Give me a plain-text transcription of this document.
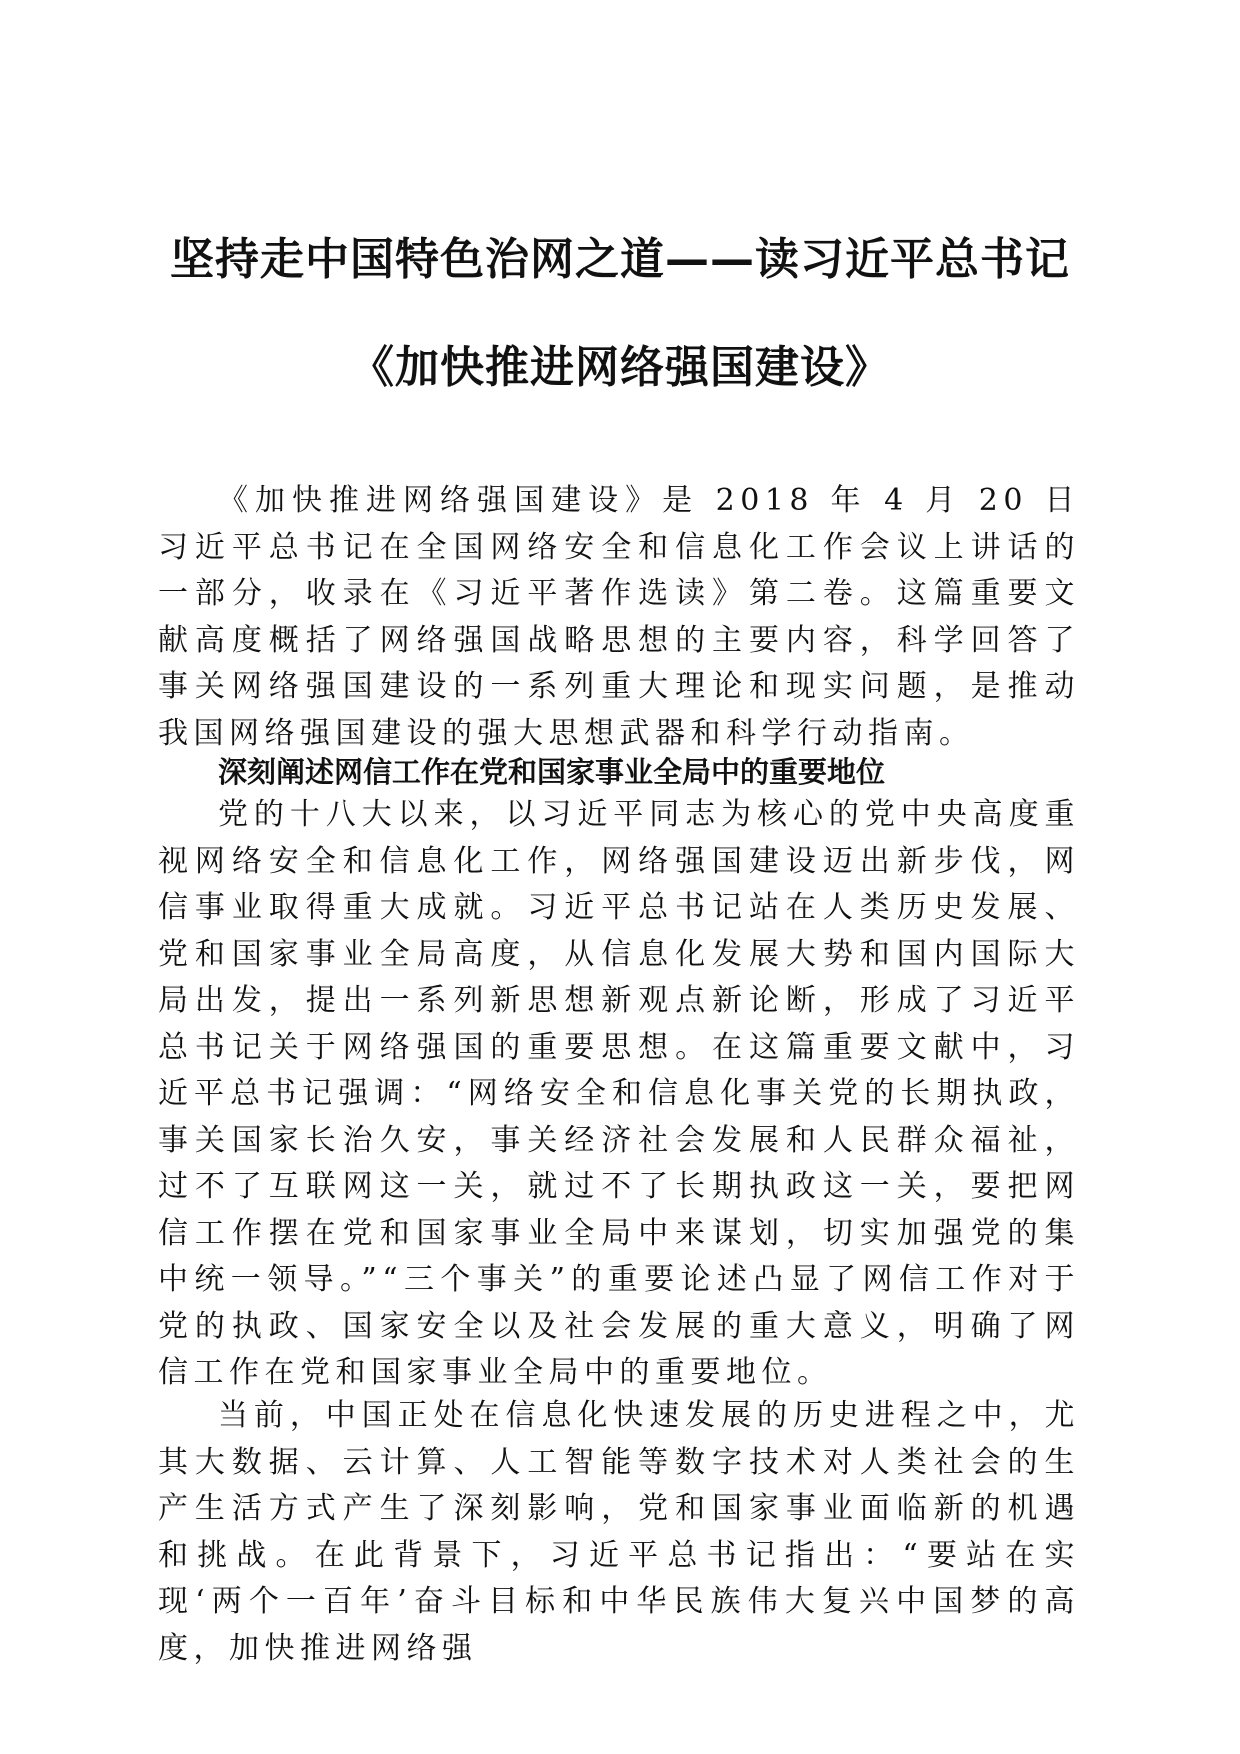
坚持走中国特色治网之道——读习近平总书记
《加快推进网络强国建设》

《加快推进网络强国建设》是 2018 年 4 月 20 日习近平总书记在全国网络安全和信息化工作会议上讲话的一部分，收录在《习近平著作选读》第二卷。这篇重要文献高度概括了网络强国战略思想的主要内容，科学回答了事关网络强国建设的一系列重大理论和现实问题，是推动我国网络强国建设的强大思想武器和科学行动指南。

深刻阐述网信工作在党和国家事业全局中的重要地位

党的十八大以来，以习近平同志为核心的党中央高度重视网络安全和信息化工作，网络强国建设迈出新步伐，网信事业取得重大成就。习近平总书记站在人类历史发展、党和国家事业全局高度，从信息化发展大势和国内国际大局出发，提出一系列新思想新观点新论断，形成了习近平总书记关于网络强国的重要思想。在这篇重要文献中，习近平总书记强调：“网络安全和信息化事关党的长期执政，事关国家长治久安，事关经济社会发展和人民群众福祉，过不了互联网这一关，就过不了长期执政这一关，要把网信工作摆在党和国家事业全局中来谋划，切实加强党的集中统一领导。”“三个事关”的重要论述凸显了网信工作对于党的执政、国家安全以及社会发展的重大意义，明确了网信工作在党和国家事业全局中的重要地位。

当前，中国正处在信息化快速发展的历史进程之中，尤其大数据、云计算、人工智能等数字技术对人类社会的生产生活方式产生了深刻影响，党和国家事业面临新的机遇和挑战。在此背景下，习近平总书记指出：“要站在实现‘两个一百年’奋斗目标和中华民族伟大复兴中国梦的高度，加快推进网络强
